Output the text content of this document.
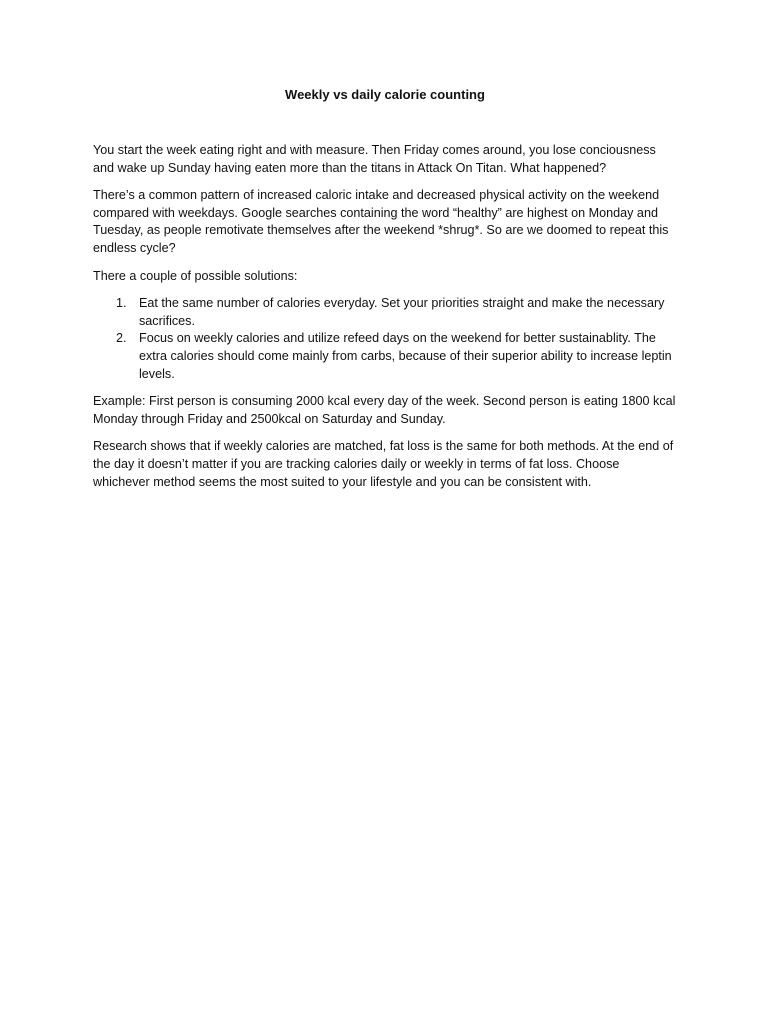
Weekly vs daily calorie counting

You start the week eating right and with measure. Then Friday comes around, you lose conciousness and wake up Sunday having eaten more than the titans in Attack On Titan. What happened?

There’s a common pattern of increased caloric intake and decreased physical activity on the weekend compared with weekdays. Google searches containing the word “healthy” are highest on Monday and Tuesday, as people remotivate themselves after the weekend *shrug*. So are we doomed to repeat this endless cycle?

There a couple of possible solutions:

1. Eat the same number of calories everyday. Set your priorities straight and make the necessary sacrifices.
2. Focus on weekly calories and utilize refeed days on the weekend for better sustainablity. The extra calories should come mainly from carbs, because of their superior ability to increase leptin levels.

Example: First person is consuming 2000 kcal every day of the week. Second person is eating 1800 kcal Monday through Friday and 2500kcal on Saturday and Sunday.

Research shows that if weekly calories are matched, fat loss is the same for both methods. At the end of the day it doesn’t matter if you are tracking calories daily or weekly in terms of fat loss. Choose whichever method seems the most suited to your lifestyle and you can be consistent with.
